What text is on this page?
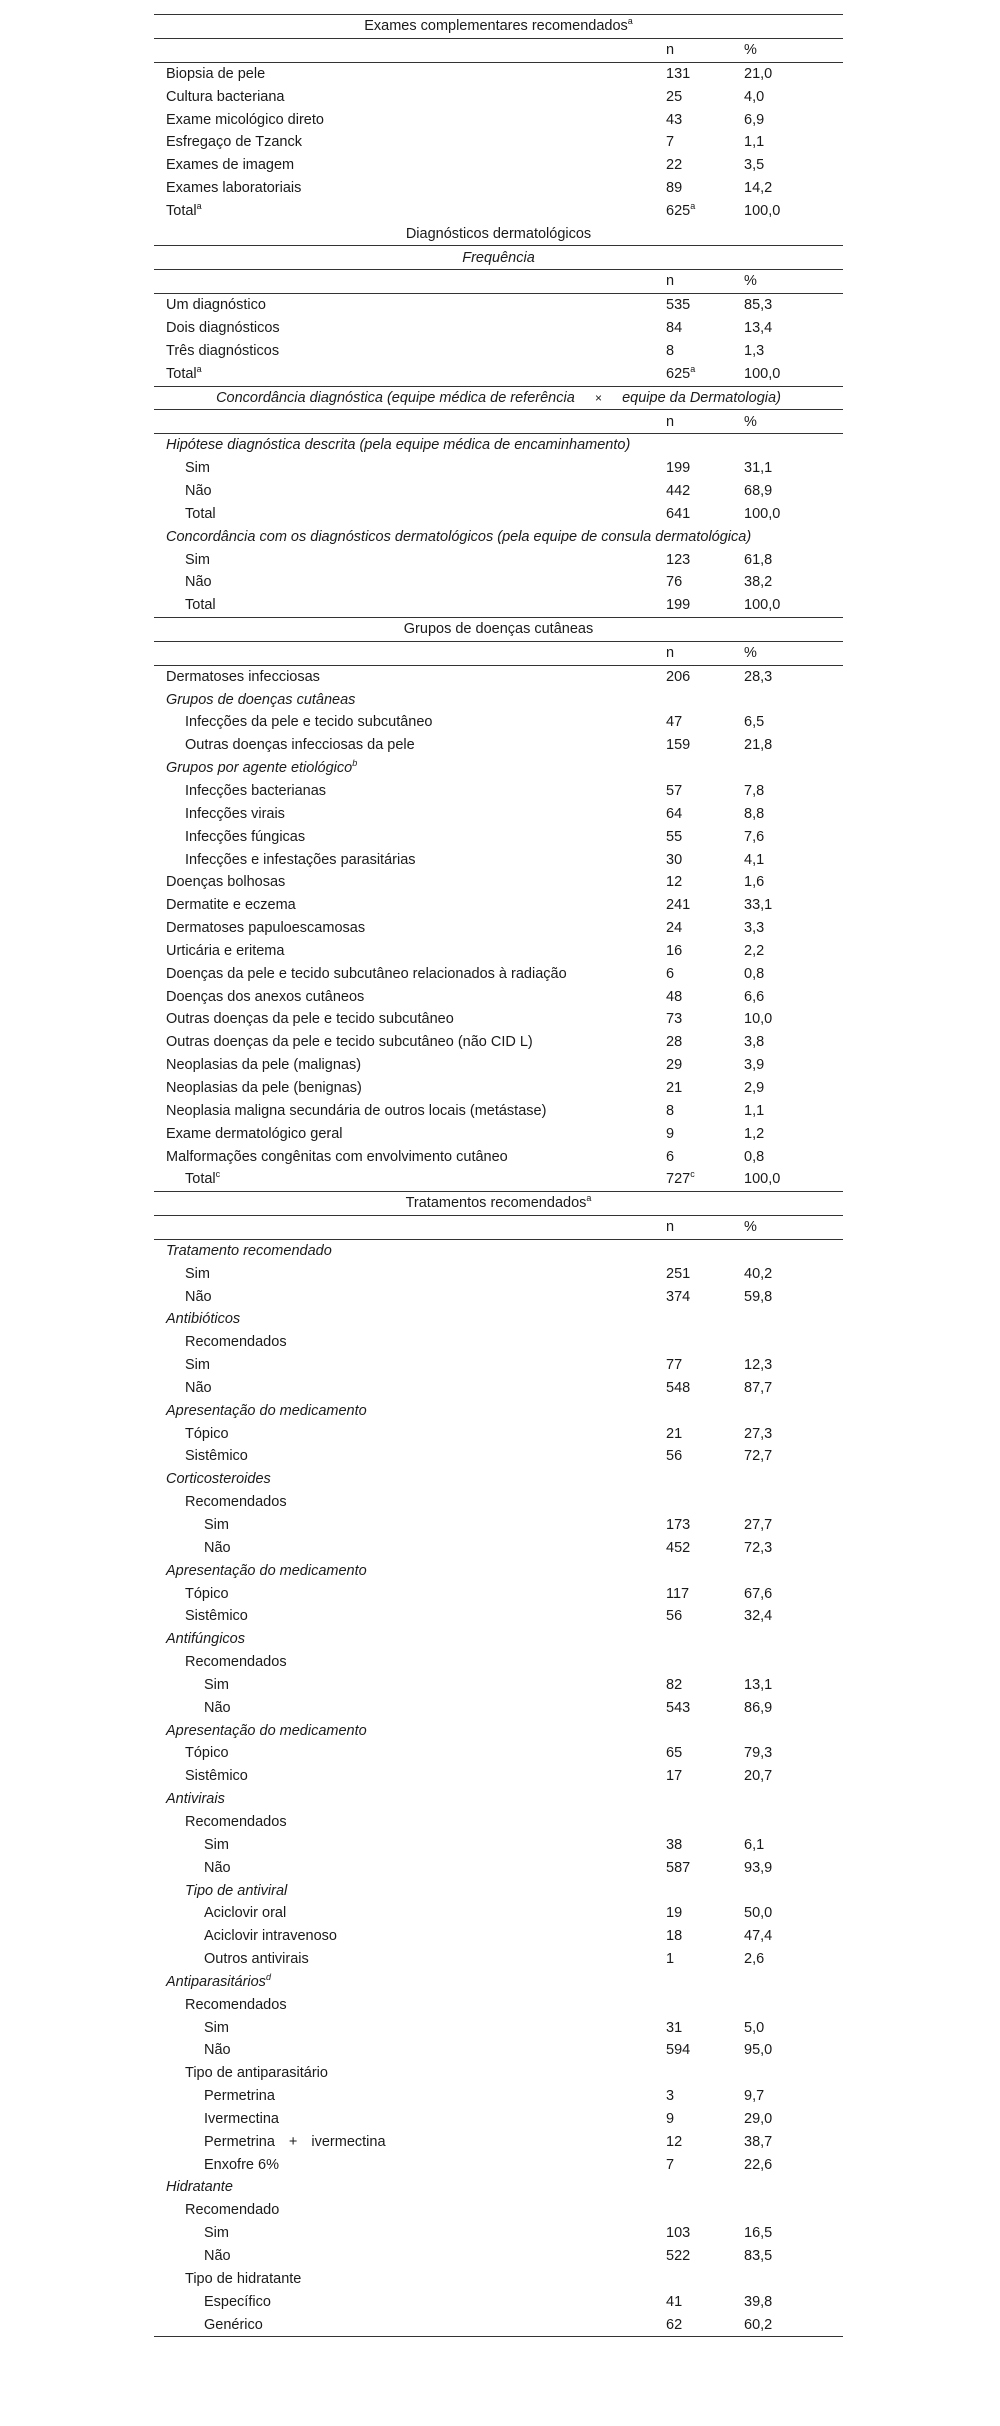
Exames complementares recomendados$^a$
n	%
Biopsia de pele	131	21,0
Cultura bacteriana	25	4,0
Exame micológico direto	43	6,9
Esfregaço de Tzanck	7	1,1
Exames de imagem	22	3,5
Exames laboratoriais	89	14,2
Total$^a$	625$^a$	100,0
Diagnósticos dermatológicos
Frequência
n	%
Um diagnóstico	535	85,3
Dois diagnósticos	84	13,4
Três diagnósticos	8	1,3
Total$^a$	625$^a$	100,0
Concordância diagnóstica (equipe médica de referência × equipe da Dermatologia)
n	%
Hipótese diagnóstica descrita (pela equipe médica de encaminhamento)
Sim	199	31,1
Não	442	68,9
Total	641	100,0
Concordância com os diagnósticos dermatológicos (pela equipe de consula dermatológica)
Sim	123	61,8
Não	76	38,2
Total	199	100,0
Grupos de doenças cutâneas
n	%
Dermatoses infecciosas	206	28,3
Grupos de doenças cutâneas
Infecções da pele e tecido subcutâneo	47	6,5
Outras doenças infecciosas da pele	159	21,8
Grupos por agente etiológico$^b$
Infecções bacterianas	57	7,8
Infecções virais	64	8,8
Infecções fúngicas	55	7,6
Infecções e infestações parasitárias	30	4,1
Doenças bolhosas	12	1,6
Dermatite e eczema	241	33,1
Dermatoses papuloescamosas	24	3,3
Urticária e eritema	16	2,2
Doenças da pele e tecido subcutâneo relacionados à radiação	6	0,8
Doenças dos anexos cutâneos	48	6,6
Outras doenças da pele e tecido subcutâneo	73	10,0
Outras doenças da pele e tecido subcutâneo (não CID L)	28	3,8
Neoplasias da pele (malignas)	29	3,9
Neoplasias da pele (benignas)	21	2,9
Neoplasia maligna secundária de outros locais (metástase)	8	1,1
Exame dermatológico geral	9	1,2
Malformações congênitas com envolvimento cutâneo	6	0,8
Total$^c$	727$^c$	100,0
Tratamentos recomendados$^a$
n	%
Tratamento recomendado
Sim	251	40,2
Não	374	59,8
Antibióticos
Recomendados
Sim	77	12,3
Não	548	87,7
Apresentação do medicamento
Tópico	21	27,3
Sistêmico	56	72,7
Corticosteroides
Recomendados
Sim	173	27,7
Não	452	72,3
Apresentação do medicamento
Tópico	117	67,6
Sistêmico	56	32,4
Antifúngicos
Recomendados
Sim	82	13,1
Não	543	86,9
Apresentação do medicamento
Tópico	65	79,3
Sistêmico	17	20,7
Antivirais
Recomendados
Sim	38	6,1
Não	587	93,9
Tipo de antiviral
Aciclovir oral	19	50,0
Aciclovir intravenoso	18	47,4
Outros antivirais	1	2,6
Antiparasitários$^d$
Recomendados
Sim	31	5,0
Não	594	95,0
Tipo de antiparasitário
Permetrina	3	9,7
Ivermectina	9	29,0
Permetrina + ivermectina	12	38,7
Enxofre 6%	7	22,6
Hidratante
Recomendado
Sim	103	16,5
Não	522	83,5
Tipo de hidratante
Específico	41	39,8
Genérico	62	60,2
